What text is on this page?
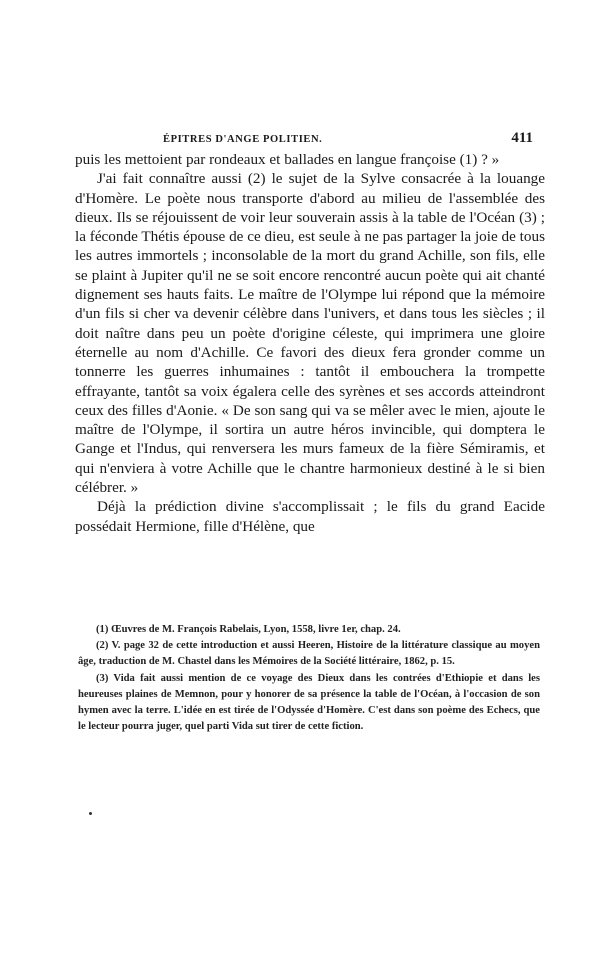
ÉPITRES D'ANGE POLITIEN.	411

puis les mettoient par rondeaux et ballades en langue françoise (1) ? »

J'ai fait connaître aussi (2) le sujet de la Sylve consacrée à la louange d'Homère. Le poète nous transporte d'abord au milieu de l'assemblée des dieux. Ils se réjouissent de voir leur souverain assis à la table de l'Océan (3) ; la féconde Thétis épouse de ce dieu, est seule à ne pas partager la joie de tous les autres immortels ; inconsolable de la mort du grand Achille, son fils, elle se plaint à Jupiter qu'il ne se soit encore rencontré aucun poète qui ait chanté dignement ses hauts faits. Le maître de l'Olympe lui répond que la mémoire d'un fils si cher va devenir célèbre dans l'univers, et dans tous les siècles ; il doit naître dans peu un poète d'origine céleste, qui imprimera une gloire éternelle au nom d'Achille. Ce favori des dieux fera gronder comme un tonnerre les guerres inhumaines : tantôt il embouchera la trompette effrayante, tantôt sa voix égalera celle des syrènes et ses accords atteindront ceux des filles d'Aonie. « De son sang qui va se mêler avec le mien, ajoute le maître de l'Olympe, il sortira un autre héros invincible, qui domptera le Gange et l'Indus, qui renversera les murs fameux de la fière Sémiramis, et qui n'enviera à votre Achille que le chantre harmonieux destiné à le si bien célébrer. »

Déjà la prédiction divine s'accomplissait ; le fils du grand Eacide possédait Hermione, fille d'Hélène, que

(1) Œuvres de M. François Rabelais, Lyon, 1558, livre 1er, chap. 24.

(2) V. page 32 de cette introduction et aussi Heeren, Histoire de la littérature classique au moyen âge, traduction de M. Chastel dans les Mémoires de la Société littéraire, 1862, p. 15.

(3) Vida fait aussi mention de ce voyage des Dieux dans les contrées d'Ethiopie et dans les heureuses plaines de Memnon, pour y honorer de sa présence la table de l'Océan, à l'occasion de son hymen avec la terre. L'idée en est tirée de l'Odyssée d'Homère. C'est dans son poème des Echecs, que le lecteur pourra juger, quel parti Vida sut tirer de cette fiction.
